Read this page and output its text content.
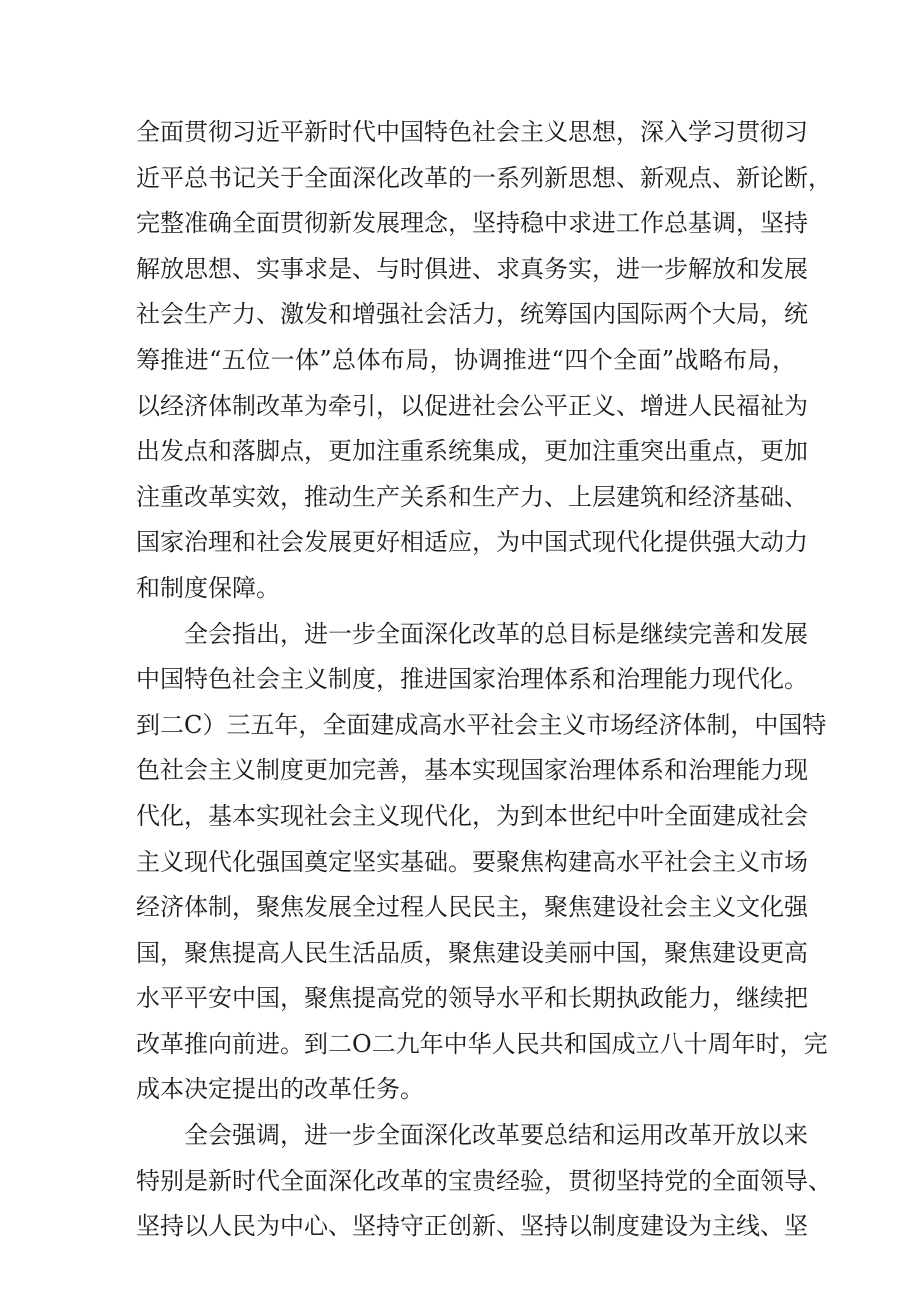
全面贯彻习近平新时代中国特色社会主义思想，深入学习贯彻习
近平总书记关于全面深化改革的一系列新思想、新观点、新论断，
完整准确全面贯彻新发展理念，坚持稳中求进工作总基调，坚持
解放思想、实事求是、与时俱进、求真务实，进一步解放和发展
社会生产力、激发和增强社会活力，统筹国内国际两个大局，统
筹推进“五位一体”总体布局，协调推进“四个全面”战略布局，
以经济体制改革为牵引，以促进社会公平正义、增进人民福祉为
出发点和落脚点，更加注重系统集成，更加注重突出重点，更加
注重改革实效，推动生产关系和生产力、上层建筑和经济基础、
国家治理和社会发展更好相适应，为中国式现代化提供强大动力
和制度保障。
全会指出，进一步全面深化改革的总目标是继续完善和发展
中国特色社会主义制度，推进国家治理体系和治理能力现代化。
到二C）三五年，全面建成高水平社会主义市场经济体制，中国特
色社会主义制度更加完善，基本实现国家治理体系和治理能力现
代化，基本实现社会主义现代化，为到本世纪中叶全面建成社会
主义现代化强国奠定坚实基础。要聚焦构建高水平社会主义市场
经济体制，聚焦发展全过程人民民主，聚焦建设社会主义文化强
国，聚焦提高人民生活品质，聚焦建设美丽中国，聚焦建设更高
水平平安中国，聚焦提高党的领导水平和长期执政能力，继续把
改革推向前进。到二O二九年中华人民共和国成立八十周年时，完
成本决定提出的改革任务。
全会强调，进一步全面深化改革要总结和运用改革开放以来
特别是新时代全面深化改革的宝贵经验，贯彻坚持党的全面领导、
坚持以人民为中心、坚持守正创新、坚持以制度建设为主线、坚
